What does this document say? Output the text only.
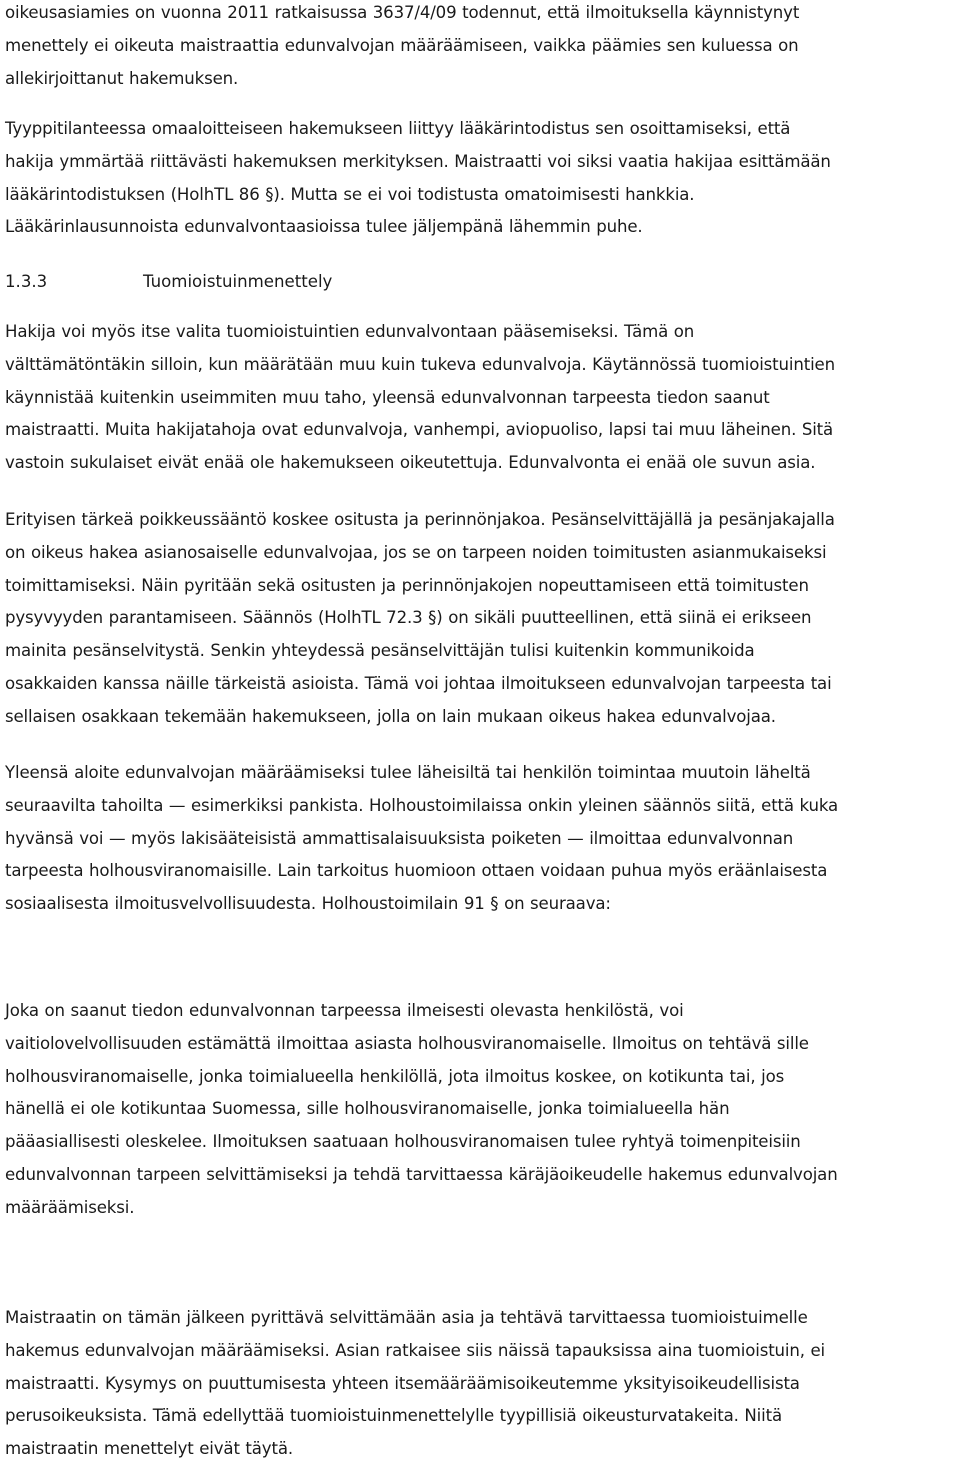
oikeusasiamies on vuonna 2011 ratkaisussa 3637/4/09 todennut, että ilmoituksella käynnistynyt
menettely ei oikeuta maistraattia edunvalvojan määräämiseen, vaikka päämies sen kuluessa on
allekirjoittanut hakemuksen.
Tyyppitilanteessa omaaloitteiseen hakemukseen liittyy lääkärintodistus sen osoittamiseksi, että
hakija ymmärtää riittävästi hakemuksen merkityksen. Maistraatti voi siksi vaatia hakijaa esittämään
lääkärintodistuksen (HolhTL 86 §). Mutta se ei voi todistusta omatoimisesti hankkia.
Lääkärinlausunnoista edunvalvontaasioissa tulee jäljempänä lähemmin puhe.
1.3.3	Tuomioistuinmenettely
Hakija voi myös itse valita tuomioistuintien edunvalvontaan pääsemiseksi. Tämä on
välttämätöntäkin silloin, kun määrätään muu kuin tukeva edunvalvoja. Käytännössä tuomioistuintien
käynnistää kuitenkin useimmiten muu taho, yleensä edunvalvonnan tarpeesta tiedon saanut
maistraatti. Muita hakijatahoja ovat edunvalvoja, vanhempi, aviopuoliso, lapsi tai muu läheinen. Sitä
vastoin sukulaiset eivät enää ole hakemukseen oikeutettuja. Edunvalvonta ei enää ole suvun asia.
Erityisen tärkeä poikkeussääntö koskee ositusta ja perinnönjakoa. Pesänselvittäjällä ja pesänjakajalla
on oikeus hakea asianosaiselle edunvalvojaa, jos se on tarpeen noiden toimitusten asianmukaiseksi
toimittamiseksi. Näin pyritään sekä ositusten ja perinnönjakojen nopeuttamiseen että toimitusten
pysyvyyden parantamiseen. Säännös (HolhTL 72.3 §) on sikäli puutteellinen, että siinä ei erikseen
mainita pesänselvitystä. Senkin yhteydessä pesänselvittäjän tulisi kuitenkin kommunikoida
osakkaiden kanssa näille tärkeistä asioista. Tämä voi johtaa ilmoitukseen edunvalvojan tarpeesta tai
sellaisen osakkaan tekemään hakemukseen, jolla on lain mukaan oikeus hakea edunvalvojaa.
Yleensä aloite edunvalvojan määräämiseksi tulee läheisiltä tai henkilön toimintaa muutoin läheltä
seuraavilta tahoilta — esimerkiksi pankista. Holhoustoimilaissa onkin yleinen säännös siitä, että kuka
hyvänsä voi — myös lakisääteisistä ammattisalaisuuksista poiketen — ilmoittaa edunvalvonnan
tarpeesta holhousviranomaisille. Lain tarkoitus huomioon ottaen voidaan puhua myös eräänlaisesta
sosiaalisesta ilmoitusvelvollisuudesta. Holhoustoimilain 91 § on seuraava:
Joka on saanut tiedon edunvalvonnan tarpeessa ilmeisesti olevasta henkilöstä, voi
vaitiolovelvollisuuden estämättä ilmoittaa asiasta holhousviranomaiselle. Ilmoitus on tehtävä sille
holhousviranomaiselle, jonka toimialueella henkilöllä, jota ilmoitus koskee, on kotikunta tai, jos
hänellä ei ole kotikuntaa Suomessa, sille holhousviranomaiselle, jonka toimialueella hän
pääasiallisesti oleskelee. Ilmoituksen saatuaan holhousviranomaisen tulee ryhtyä toimenpiteisiin
edunvalvonnan tarpeen selvittämiseksi ja tehdä tarvittaessa käräjäoikeudelle hakemus edunvalvojan
määräämiseksi.
Maistraatin on tämän jälkeen pyrittävä selvittämään asia ja tehtävä tarvittaessa tuomioistuimelle
hakemus edunvalvojan määräämiseksi. Asian ratkaisee siis näissä tapauksissa aina tuomioistuin, ei
maistraatti. Kysymys on puuttumisesta yhteen itsemääräämisoikeutemme yksityisoikeudellisista
perusoikeuksista. Tämä edellyttää tuomioistuinmenettelylle tyypillisiä oikeusturvatakeita. Niitä
maistraatin menettelyt eivät täytä.
